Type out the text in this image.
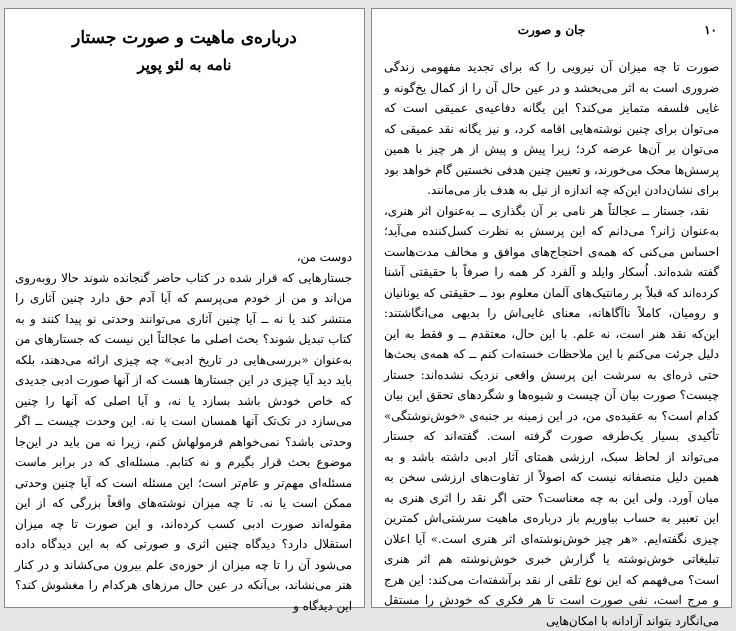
درباره‌ی ماهیت و صورت جستار
نامه به لئو پوپر

دوست من،

جستارهایی که قرار شده در کتاب حاضر گنجانده شوند حالا روبه‌روی من‌اند و من از خودم می‌پرسم که آیا آدم حق دارد چنین آثاری را منتشر کند یا نه ــ آیا چنین آثاری می‌توانند وحدتی نو پیدا کنند و به کتاب تبدیل شوند؟ بحث اصلی ما عجالتاً این نیست که جستارهای من به‌عنوان «بررسی‌هایی در تاریخ ادبی» چه چیزی ارائه می‌دهند، بلکه باید دید آیا چیزی در این جستارها هست که از آنها صورت ادبی جدیدی که خاص خودش باشد بسازد یا نه، و آیا اصلی که آنها را چنین می‌سازد در تک‌تک آنها همسان است یا نه. این وحدت چیست ــ اگر وحدتی باشد؟ نمی‌خواهم فرمولهاش کنم، زیرا نه من باید در این‌جا موضوع بحث قرار بگیرم و نه کتابم. مسئله‌ای که در برابر ماست مسئله‌ای مهم‌تر و عام‌تر است؛ این مسئله است که آیا چنین وحدتی ممکن است یا نه. تا چه میزان نوشته‌های واقعاً بزرگی که از این مقوله‌اند صورت ادبی کسب کرده‌اند، و این صورت تا چه میزان استقلال دارد؟ دیدگاه چنین اثری و صورتی که به این دیدگاه داده می‌شود آن را تا چه میزان از حوزه‌ی علم بیرون می‌کشاند و در کنار هنر می‌نشاند، بی‌آنکه در عین حال مرزهای هرکدام را مغشوش کند؟ این دیدگاه و

۱۰
جان و صورت

صورت تا چه میزان آن نیرویی را که برای تجدید مفهومی زندگی ضروری است به اثر می‌بخشد و در عین حال آن را از کمال یخ‌گونه و غایی فلسفه متمایز می‌کند؟ این یگانه دفاعیه‌ی عمیقی است که می‌توان برای چنین نوشته‌هایی اقامه کرد، و نیز یگانه نقد عمیقی که می‌توان بر آن‌ها عرضه کرد؛ زیرا پیش و پیش از هر چیز با همین پرسش‌ها محک می‌خورند، و تعیین چنین هدفی نخستین گام خواهد بود برای نشان‌دادن این‌که چه اندازه از نیل به هدف باز می‌مانند.

نقد، جستار ــ عجالتاً هر نامی بر آن بگذاری ــ به‌عنوان اثر هنری، به‌عنوان ژانر؟ می‌دانم که این پرسش به نظرت کسل‌کننده می‌آید؛ احساس می‌کنی که همه‌ی احتجاج‌های موافق و مخالف مدت‌هاست گفته شده‌اند. اُسکار وایلد و آلفرد کر همه را صرفاً با حقیقتی آشنا کرده‌اند که قبلاً بر رمانتیک‌های آلمان معلوم بود ــ حقیقتی که یونانیان و رومیان، کاملاً ناآگاهانه، معنای غایی‌اش را بدیهی می‌انگاشتند: این‌که نقد هنر است، نه علم. با این حال، معتقدم ــ و فقط به این دلیل جرئت می‌کنم با این ملاحظات خسته‌ات کنم ــ که همه‌ی بحث‌ها حتی ذره‌ای به سرشت این پرسش واقعی نزدیک نشده‌اند: جستار چیست؟ صورت بیان آن چیست و شیوه‌ها و شگردهای تحقق این بیان کدام است؟ به عقیده‌ی من، در این زمینه بر جنبه‌ی «خوش‌نوشتگی» تأکیدی بسیار یک‌طرفه صورت گرفته است. گفته‌اند که جستار می‌تواند از لحاظ سبک، ارزشی همتای آثار ادبی داشته باشد و به همین دلیل منصفانه نیست که اصولاً از تفاوت‌های ارزشی سخن به میان آورد. ولی این به چه معناست؟ حتی اگر نقد را اثری هنری به این تعبیر به حساب بیاوریم باز درباره‌ی ماهیت سرشتی‌اش کمترین چیزی نگفته‌ایم. «هر چیز خوش‌نوشته‌ای اثر هنری است.» آیا اعلان تبلیغاتی خوش‌نوشته یا گزارش خبری خوش‌نوشته هم اثر هنری است؟ می‌فهمم که این نوع تلقی از نقد برآشفته‌ات می‌کند: این هرج و مرج است، نفی صورت است تا هر فکری که خودش را مستقل می‌انگارد بتواند آزادانه با امکان‌هایی
